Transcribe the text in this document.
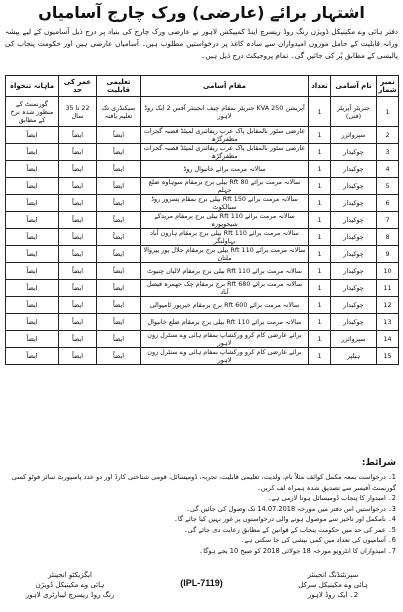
اشتہار برائے (عارضی) ورک چارج آسامیاں
دفتر ہائی وے مکینیکل ڈویژن رنگ روڈ ریسرچ اینڈ کمپیکس لاہور نے عارضی ورک چارج کی بنیاد پر درج ذیل آسامیوں کے لیے پیشہ ورانہ قابلیت کے حامل موزوں امیدواران سے سادہ کاغذ پر درخواستیں مطلوب ہیں۔ آسامیاں عارضی ہیں اور حکومت پنجاب کی پالیسی کے مطابق پُر کی جائیں گی۔ تمام پروجیکٹ درج ذیل ہیں۔
نمبر شمار	نام آسامی	تعداد	مقام آسامی	تعلیمی قابلیت	عمر کی حد	ماہانہ تنخواہ
1	جنریٹر آپریٹر (فنی)	1	آپریشن KVA 250 جنریٹر بمقام چیف انجینئر آفس 2 ایک روڈ لاہور	سیکنڈری تک تعلیم یافتہ	22 تا 35 سال	گورنمنٹ کے منظور شدہ نرخ کے مطابق
2	سپروائزر	1	عارضی سٹور بالمقابل پاک عرب ریفائنری لمیٹڈ قصبہ گجرات مظفرگڑھ	ایضاً	ایضاً	ایضاً
3	چوکیدار	1	عارضی سٹور بالمقابل پاک عرب ریفائنری لمیٹڈ قصبہ گجرات مظفرگڑھ	ایضاً	ایضاً	ایضاً
4	چوکیدار	1	سالانہ مرمت برائے خانیوال روڈ	ایضاً	ایضاً	ایضاً
5	چوکیدار	1	سالانہ مرمت برائے Rft 80 بیلی برج برمقام سوہاوہ ضلع جہلم	ایضاً	ایضاً	ایضاً
6	چوکیدار	1	سالانہ مرمت برائے Rft 150 بیلی برج بمقام پسرور روڈ سیالکوٹ	ایضاً	ایضاً	ایضاً
7	چوکیدار	1	سالانہ مرمت برائے Rft 110 بیلی برج برمقام مریدکے شیخوپورہ	ایضاً	ایضاً	ایضاً
8	چوکیدار	1	سالانہ مرمت برائے Rft 110 بیلی برج برمقام ہارون آباد بہاولنگر	ایضاً	ایضاً	ایضاً
9	چوکیدار	1	سالانہ مرمت برائے Rft 110 بیلی برج برمقام جلال پور پیروالا ملتان	ایضاً	ایضاً	ایضاً
10	چوکیدار	1	سالانہ مرمت برائے Rft 110 بیلی برج برمقام لالیاں چنیوٹ	ایضاً	ایضاً	ایضاً
11	چوکیدار	1	سالانہ مرمت برائے Rft 680 برج برمقام چک جھمرہ فیصل آباد	ایضاً	ایضاً	ایضاً
12	چوکیدار	1	سالانہ مرمت برائے Rft 600 برج برمقام خیرپور ٹامیوالی	ایضاً	ایضاً	ایضاً
13	چوکیدار	1	سالانہ مرمت برائے Rft 110 بیلی برج برمقام ضلع خانیوال	ایضاً	ایضاً	ایضاً
14	سپروائزر	1	برائے عارضی کام کرو ورکشاپ بمقام ہائی وے سنٹرل زون لاہور	ایضاً	ایضاً	ایضاً
15	ہیلپر	1	برائے عارضی کام کرو ورکشاپ بمقام ہائی وے سنٹرل زون لاہور	ایضاً	ایضاً	ایضاً
شرائط:
1۔ درخواست بمعہ مکمل کوائف مثلاً نام، ولدیت، تعلیمی قابلیت، تجربہ، ڈومیسائل، قومی شناختی کارڈ اور دو عدد پاسپورٹ سائز فوٹو کسی گورنمنٹ آفیسر سے تصدیق شدہ ہمراہ لف کریں۔
2۔ امیدوار کا پنجاب ڈومیسائل ہونا لازمی ہے۔
3۔ درخواستیں اس دفتر میں مورخہ 14.07.2018 تک وصول کی جائیں گی۔
4۔ نامکمل اور تاخیر سے موصول ہونے والی درخواستوں پر غور نہیں کیا جائے گا۔
5۔ عمر کی حد میں حکومت پنجاب کے قوانین کے مطابق رعایت دی جائے گی۔
6۔ آسامیوں کی تعداد میں کمی بیشی کی جا سکتی ہے۔
7۔ امیدواران کا انٹرویو مورخہ 18 جولائی 2018 کو صبح 10 بجے ہوگا۔
سپرنٹنڈنگ انجینئر
ہائی وے مکینیکل سرکل
2۔ ایک روڈ لاہور
(IPL-7119)
ایگزیکٹو انجینئر
ہائی وے مکینیکل ڈویژن
رنگ روڈ ریسرچ لیبارٹری لاہور
